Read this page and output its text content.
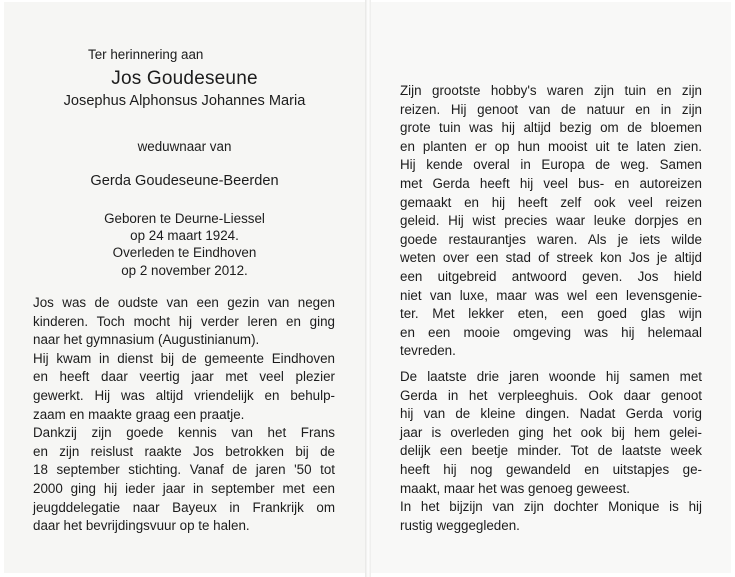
Ter herinnering aan
Jos Goudeseune
Josephus Alphonsus Johannes Maria
weduwnaar van
Gerda Goudeseune-Beerden
Geboren te Deurne-Liessel
op 24 maart 1924.
Overleden te Eindhoven
op 2 november 2012.
Jos was de oudste van een gezin van negen
kinderen. Toch mocht hij verder leren en ging
naar het gymnasium (Augustinianum).
Hij kwam in dienst bij de gemeente Eindhoven
en heeft daar veertig jaar met veel plezier
gewerkt. Hij was altijd vriendelijk en behulp-
zaam en maakte graag een praatje.
Dankzij zijn goede kennis van het Frans
en zijn reislust raakte Jos betrokken bij de
18 september stichting. Vanaf de jaren '50 tot
2000 ging hij ieder jaar in september met een
jeugddelegatie naar Bayeux in Frankrijk om
daar het bevrijdingsvuur op te halen.
Zijn grootste hobby's waren zijn tuin en zijn
reizen. Hij genoot van de natuur en in zijn
grote tuin was hij altijd bezig om de bloemen
en planten er op hun mooist uit te laten zien.
Hij kende overal in Europa de weg. Samen
met Gerda heeft hij veel bus- en autoreizen
gemaakt en hij heeft zelf ook veel reizen
geleid. Hij wist precies waar leuke dorpjes en
goede restaurantjes waren. Als je iets wilde
weten over een stad of streek kon Jos je altijd
een uitgebreid antwoord geven. Jos hield
niet van luxe, maar was wel een levensgenie-
ter. Met lekker eten, een goed glas wijn
en een mooie omgeving was hij helemaal
tevreden.
De laatste drie jaren woonde hij samen met
Gerda in het verpleeghuis. Ook daar genoot
hij van de kleine dingen. Nadat Gerda vorig
jaar is overleden ging het ook bij hem gelei-
delijk een beetje minder. Tot de laatste week
heeft hij nog gewandeld en uitstapjes ge-
maakt, maar het was genoeg geweest.
In het bijzijn van zijn dochter Monique is hij
rustig weggegleden.
